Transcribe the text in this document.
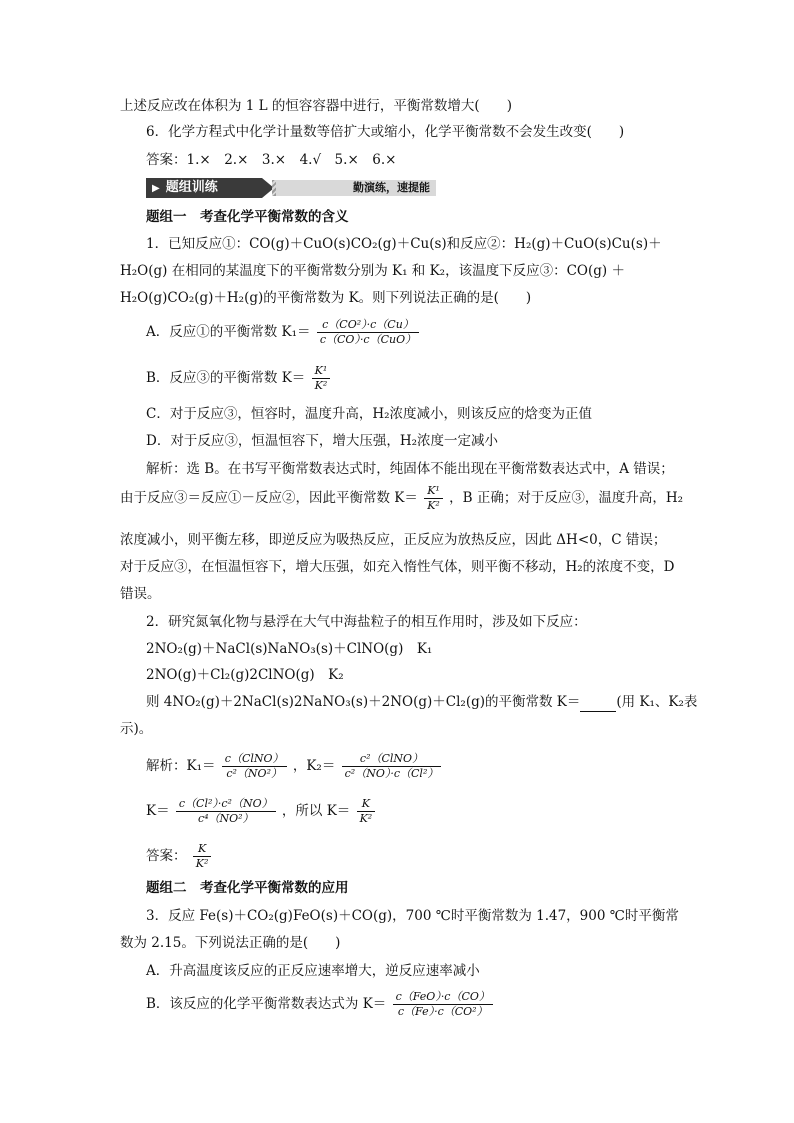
上述反应改在体积为 1 L 的恒容容器中进行，平衡常数增大(　　)
6．化学方程式中化学计量数等倍扩大或缩小，化学平衡常数不会发生改变(　　)
答案：1.×　2.×　3.×　4.√　5.×　6.×
▶ 题组训练	勤演练，速提能
题组一　考查化学平衡常数的含义
1．已知反应①：CO(g)＋CuO(s)CO₂(g)＋Cu(s)和反应②：H₂(g)＋CuO(s)Cu(s)＋
H₂O(g) 在相同的某温度下的平衡常数分别为 K₁ 和 K₂，该温度下反应③：CO(g) ＋
H₂O(g)CO₂(g)＋H₂(g)的平衡常数为 K。则下列说法正确的是(　　)
A．反应①的平衡常数 $K_1= \frac{\text{c（CO²）·c（Cu）}}{\text{c（CO）·c（CuO）}}$
B．反应③的平衡常数 $K= \frac{\text{K¹}}{\text{K²}}$
C．对于反应③，恒容时，温度升高，H₂浓度减小，则该反应的焓变为正值
D．对于反应③，恒温恒容下，增大压强，H₂浓度一定减小
解析：选 B。在书写平衡常数表达式时，纯固体不能出现在平衡常数表达式中，A 错误；
由于反应③＝反应①－反应②，因此平衡常数 $K= \frac{\text{K¹}}{\text{K²}}$ ，B 正确；对于反应③，温度升高，H₂
浓度减小，则平衡左移，即逆反应为吸热反应，正反应为放热反应，因此 ΔH<0，C 错误；
对于反应③，在恒温恒容下，增大压强，如充入惰性气体，则平衡不移动，H₂的浓度不变，D
错误。
2．研究氮氧化物与悬浮在大气中海盐粒子的相互作用时，涉及如下反应：
2NO₂(g)＋NaCl(s)NaNO₃(s)＋ClNO(g)　K₁
2NO(g)＋Cl₂(g)2ClNO(g)　K₂
则 4NO₂(g)＋2NaCl(s)2NaNO₃(s)＋2NO(g)＋Cl₂(g)的平衡常数 K＝	(用 K₁、K₂表
示)。
解析：$K_1= \frac{\text{c（ClNO）}}{\text{c²（NO²）}}$ ，$K_2= \frac{\text{c²（ClNO）}}{\text{c²（NO）·c（Cl²）}}$
$K= \frac{\text{c（Cl²）·c²（NO）}}{\text{c⁴（NO²）}}$ ，所以 $K= \frac{K}{\text{K²}}$
答案： $\frac{K}{\text{K²}}$
题组二　考查化学平衡常数的应用
3．反应 Fe(s)＋CO₂(g)FeO(s)＋CO(g)，700 ℃时平衡常数为 1.47，900 ℃时平衡常
数为 2.15。下列说法正确的是(　　)
A．升高温度该反应的正反应速率增大，逆反应速率减小
B．该反应的化学平衡常数表达式为 $K= \frac{\text{c（FeO）·c（CO）}}{\text{c（Fe）·c（CO²）}}$
